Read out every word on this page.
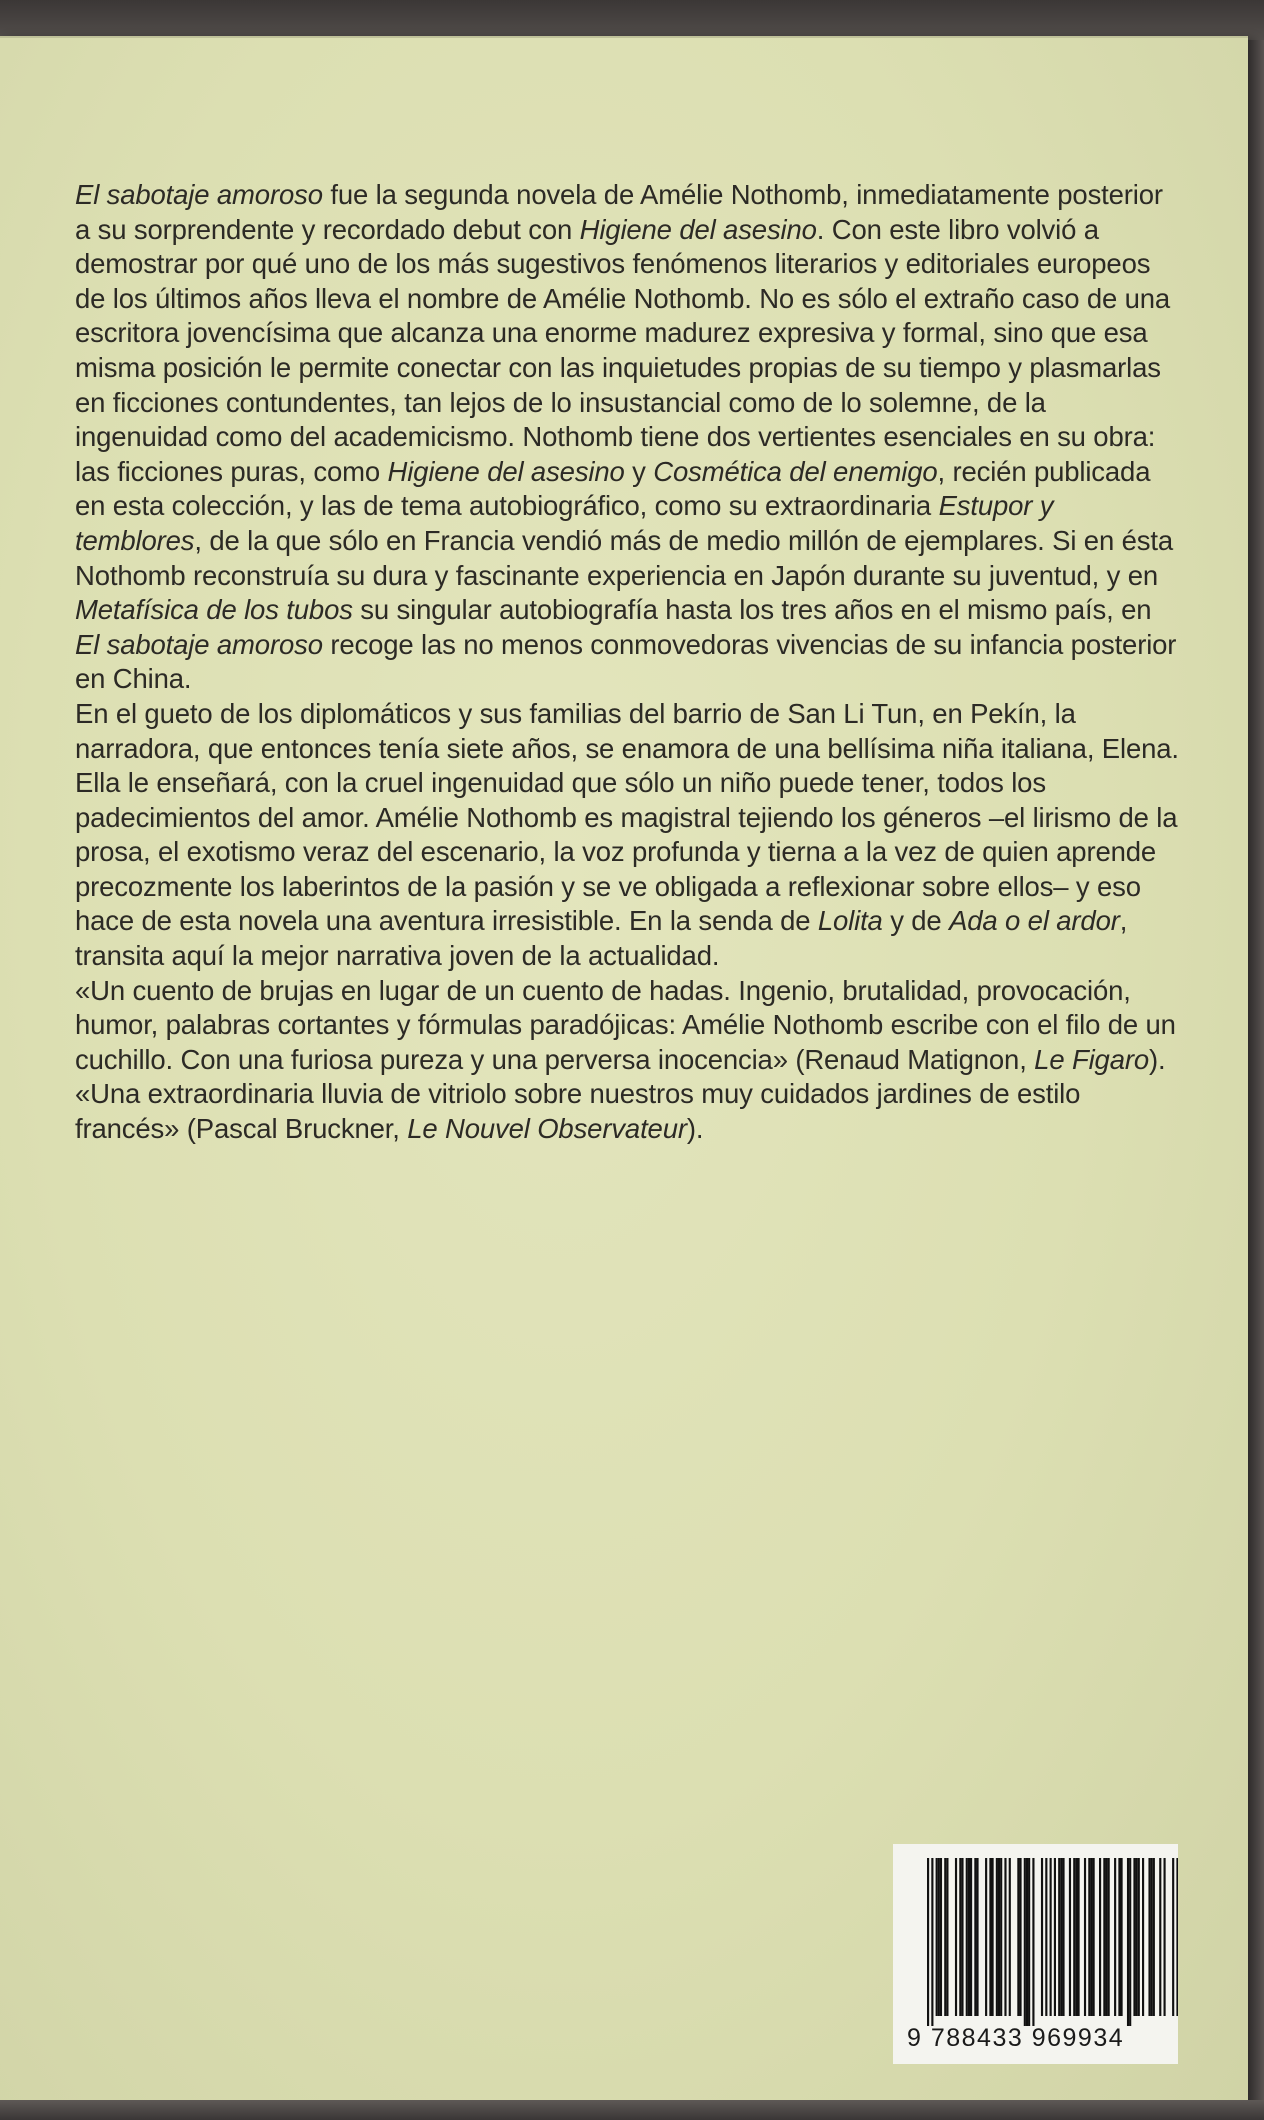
El sabotaje amoroso fue la segunda novela de Amélie Nothomb, inmediatamente posterior a su sorprendente y recordado debut con Higiene del asesino. Con este libro volvió a demostrar por qué uno de los más sugestivos fenómenos literarios y editoriales europeos de los últimos años lleva el nombre de Amélie Nothomb. No es sólo el extraño caso de una escritora jovencísima que alcanza una enorme madurez expresiva y formal, sino que esa misma posición le permite conectar con las inquietudes propias de su tiempo y plasmarlas en ficciones contundentes, tan lejos de lo insustancial como de lo solemne, de la ingenuidad como del academicismo. Nothomb tiene dos vertientes esenciales en su obra: las ficciones puras, como Higiene del asesino y Cosmética del enemigo, recién publicada en esta colección, y las de tema autobiográfico, como su extraordinaria Estupor y temblores, de la que sólo en Francia vendió más de medio millón de ejemplares. Si en ésta Nothomb reconstruía su dura y fascinante experiencia en Japón durante su juventud, y en Metafísica de los tubos su singular autobiografía hasta los tres años en el mismo país, en El sabotaje amoroso recoge las no menos conmovedoras vivencias de su infancia posterior en China.

En el gueto de los diplomáticos y sus familias del barrio de San Li Tun, en Pekín, la narradora, que entonces tenía siete años, se enamora de una bellísima niña italiana, Elena. Ella le enseñará, con la cruel ingenuidad que sólo un niño puede tener, todos los padecimientos del amor. Amélie Nothomb es magistral tejiendo los géneros –el lirismo de la prosa, el exotismo veraz del escenario, la voz profunda y tierna a la vez de quien aprende precozmente los laberintos de la pasión y se ve obligada a reflexionar sobre ellos– y eso hace de esta novela una aventura irresistible. En la senda de Lolita y de Ada o el ardor, transita aquí la mejor narrativa joven de la actualidad.

«Un cuento de brujas en lugar de un cuento de hadas. Ingenio, brutalidad, provocación, humor, palabras cortantes y fórmulas paradójicas: Amélie Nothomb escribe con el filo de un cuchillo. Con una furiosa pureza y una perversa inocencia» (Renaud Matignon, Le Figaro).

«Una extraordinaria lluvia de vitriolo sobre nuestros muy cuidados jardines de estilo francés» (Pascal Bruckner, Le Nouvel Observateur).

9 788433 969934
